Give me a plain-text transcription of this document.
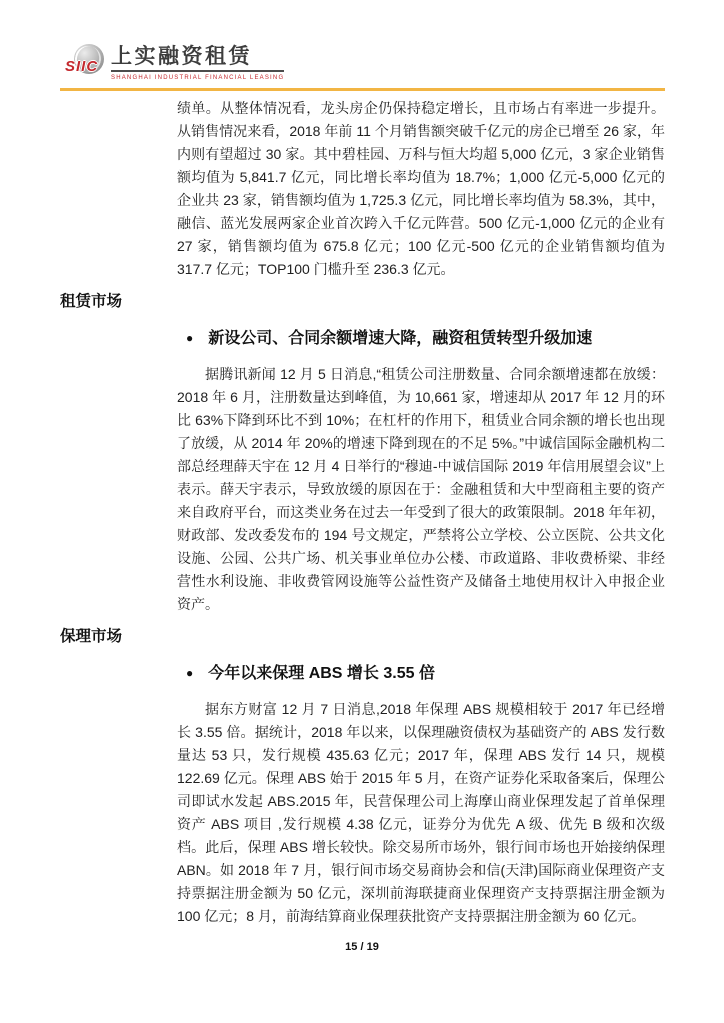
SIIC 上实融资租赁
SHANGHAI INDUSTRIAL FINANCIAL LEASING

绩单。从整体情况看，龙头房企仍保持稳定增长，且市场占有率进一步提升。从销售情况来看，2018 年前 11 个月销售额突破千亿元的房企已增至 26 家，年内则有望超过 30 家。其中碧桂园、万科与恒大均超 5,000 亿元，3 家企业销售额均值为 5,841.7 亿元，同比增长率均值为 18.7%；1,000 亿元-5,000 亿元的企业共 23 家，销售额均值为 1,725.3 亿元，同比增长率均值为 58.3%，其中，融信、蓝光发展两家企业首次跨入千亿元阵营。500 亿元-1,000 亿元的企业有 27 家，销售额均值为 675.8 亿元；100 亿元-500 亿元的企业销售额均值为 317.7 亿元；TOP100 门槛升至 236.3 亿元。

租赁市场
● 新设公司、合同余额增速大降，融资租赁转型升级加速

据腾讯新闻 12 月 5 日消息,“租赁公司注册数量、合同余额增速都在放缓：2018 年 6 月，注册数量达到峰值，为 10,661 家，增速却从 2017 年 12 月的环比 63%下降到环比不到 10%；在杠杆的作用下，租赁业合同余额的增长也出现了放缓，从 2014 年 20%的增速下降到现在的不足 5%。”中诚信国际金融机构二部总经理薛天宇在 12 月 4 日举行的“穆迪-中诚信国际 2019 年信用展望会议”上表示。薛天宇表示，导致放缓的原因在于：金融租赁和大中型商租主要的资产来自政府平台，而这类业务在过去一年受到了很大的政策限制。2018 年年初，财政部、发改委发布的 194 号文规定，严禁将公立学校、公立医院、公共文化设施、公园、公共广场、机关事业单位办公楼、市政道路、非收费桥梁、非经营性水利设施、非收费管网设施等公益性资产及储备土地使用权计入申报企业资产。

保理市场
● 今年以来保理 ABS 增长 3.55 倍

据东方财富 12 月 7 日消息,2018 年保理 ABS 规模相较于 2017 年已经增长 3.55 倍。据统计，2018 年以来，以保理融资债权为基础资产的 ABS 发行数量达 53 只，发行规模 435.63 亿元；2017 年，保理 ABS 发行 14 只，规模 122.69 亿元。保理 ABS 始于 2015 年 5 月，在资产证券化采取备案后，保理公司即试水发起 ABS.2015 年，民营保理公司上海摩山商业保理发起了首单保理资产 ABS 项目 ,发行规模 4.38 亿元，证券分为优先 A 级、优先 B 级和次级档。此后，保理 ABS 增长较快。除交易所市场外，银行间市场也开始接纳保理 ABN。如 2018 年 7 月，银行间市场交易商协会和信(天津)国际商业保理资产支持票据注册金额为 50 亿元，深圳前海联捷商业保理资产支持票据注册金额为 100 亿元；8 月，前海结算商业保理获批资产支持票据注册金额为 60 亿元。

15 / 19
